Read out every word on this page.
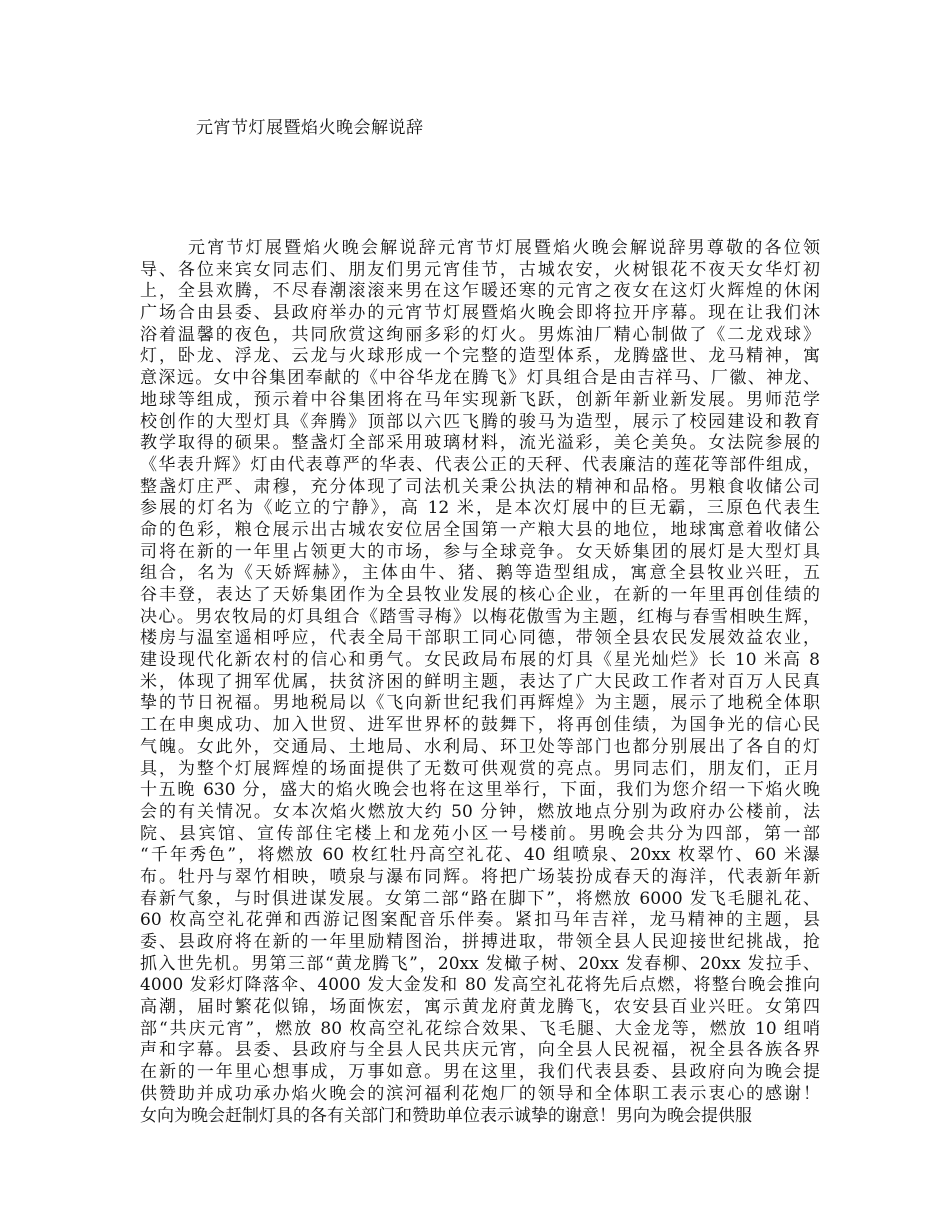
元宵节灯展暨焰火晚会解说辞
元宵节灯展暨焰火晚会解说辞元宵节灯展暨焰火晚会解说辞男尊敬的各位领
导、各位来宾女同志们、朋友们男元宵佳节，古城农安，火树银花不夜天女华灯初
上，全县欢腾，不尽春潮滚滚来男在这乍暖还寒的元宵之夜女在这灯火辉煌的休闲
广场合由县委、县政府举办的元宵节灯展暨焰火晚会即将拉开序幕。现在让我们沐
浴着温馨的夜色，共同欣赏这绚丽多彩的灯火。男炼油厂精心制做了《二龙戏球》
灯，卧龙、浮龙、云龙与火球形成一个完整的造型体系，龙腾盛世、龙马精神，寓
意深远。女中谷集团奉献的《中谷华龙在腾飞》灯具组合是由吉祥马、厂徽、神龙、
地球等组成，预示着中谷集团将在马年实现新飞跃，创新年新业新发展。男师范学
校创作的大型灯具《奔腾》顶部以六匹飞腾的骏马为造型，展示了校园建设和教育
教学取得的硕果。整盏灯全部采用玻璃材料，流光溢彩，美仑美奂。女法院参展的
《华表升辉》灯由代表尊严的华表、代表公正的天秤、代表廉洁的莲花等部件组成，
整盏灯庄严、肃穆，充分体现了司法机关秉公执法的精神和品格。男粮食收储公司
参展的灯名为《屹立的宁静》，高 12 米，是本次灯展中的巨无霸，三原色代表生
命的色彩，粮仓展示出古城农安位居全国第一产粮大县的地位，地球寓意着收储公
司将在新的一年里占领更大的市场，参与全球竞争。女天娇集团的展灯是大型灯具
组合，名为《天娇辉赫》，主体由牛、猪、鹅等造型组成，寓意全县牧业兴旺，五
谷丰登，表达了天娇集团作为全县牧业发展的核心企业，在新的一年里再创佳绩的
决心。男农牧局的灯具组合《踏雪寻梅》以梅花傲雪为主题，红梅与春雪相映生辉，
楼房与温室遥相呼应，代表全局干部职工同心同德，带领全县农民发展效益农业，
建设现代化新农村的信心和勇气。女民政局布展的灯具《星光灿烂》长 10 米高 8
米，体现了拥军优属，扶贫济困的鲜明主题，表达了广大民政工作者对百万人民真
挚的节日祝福。男地税局以《飞向新世纪我们再辉煌》为主题，展示了地税全体职
工在申奥成功、加入世贸、进军世界杯的鼓舞下，将再创佳绩，为国争光的信心民
气魄。女此外，交通局、土地局、水利局、环卫处等部门也都分别展出了各自的灯
具，为整个灯展辉煌的场面提供了无数可供观赏的亮点。男同志们，朋友们，正月
十五晚 630 分，盛大的焰火晚会也将在这里举行，下面，我们为您介绍一下焰火晚
会的有关情况。女本次焰火燃放大约 50 分钟，燃放地点分别为政府办公楼前，法
院、县宾馆、宣传部住宅楼上和龙苑小区一号楼前。男晚会共分为四部，第一部
“千年秀色”，将燃放 60 枚红牡丹高空礼花、40 组喷泉、20xx 枚翠竹、60 米瀑
布。牡丹与翠竹相映，喷泉与瀑布同辉。将把广场装扮成春天的海洋，代表新年新
春新气象，与时俱进谋发展。女第二部“路在脚下”，将燃放 6000 发飞毛腿礼花、
60 枚高空礼花弹和西游记图案配音乐伴奏。紧扣马年吉祥，龙马精神的主题，县
委、县政府将在新的一年里励精图治，拼搏进取，带领全县人民迎接世纪挑战，抢
抓入世先机。男第三部“黄龙腾飞”，20xx 发橄子树、20xx 发春柳、20xx 发拉手、
4000 发彩灯降落伞、4000 发大金发和 80 发高空礼花将先后点燃，将整台晚会推向
高潮，届时繁花似锦，场面恢宏，寓示黄龙府黄龙腾飞，农安县百业兴旺。女第四
部“共庆元宵”，燃放 80 枚高空礼花综合效果、飞毛腿、大金龙等，燃放 10 组哨
声和字幕。县委、县政府与全县人民共庆元宵，向全县人民祝福，祝全县各族各界
在新的一年里心想事成，万事如意。男在这里，我们代表县委、县政府向为晚会提
供赞助并成功承办焰火晚会的滨河福利花炮厂的领导和全体职工表示衷心的感谢！
女向为晚会赶制灯具的各有关部门和赞助单位表示诚挚的谢意！男向为晚会提供服
